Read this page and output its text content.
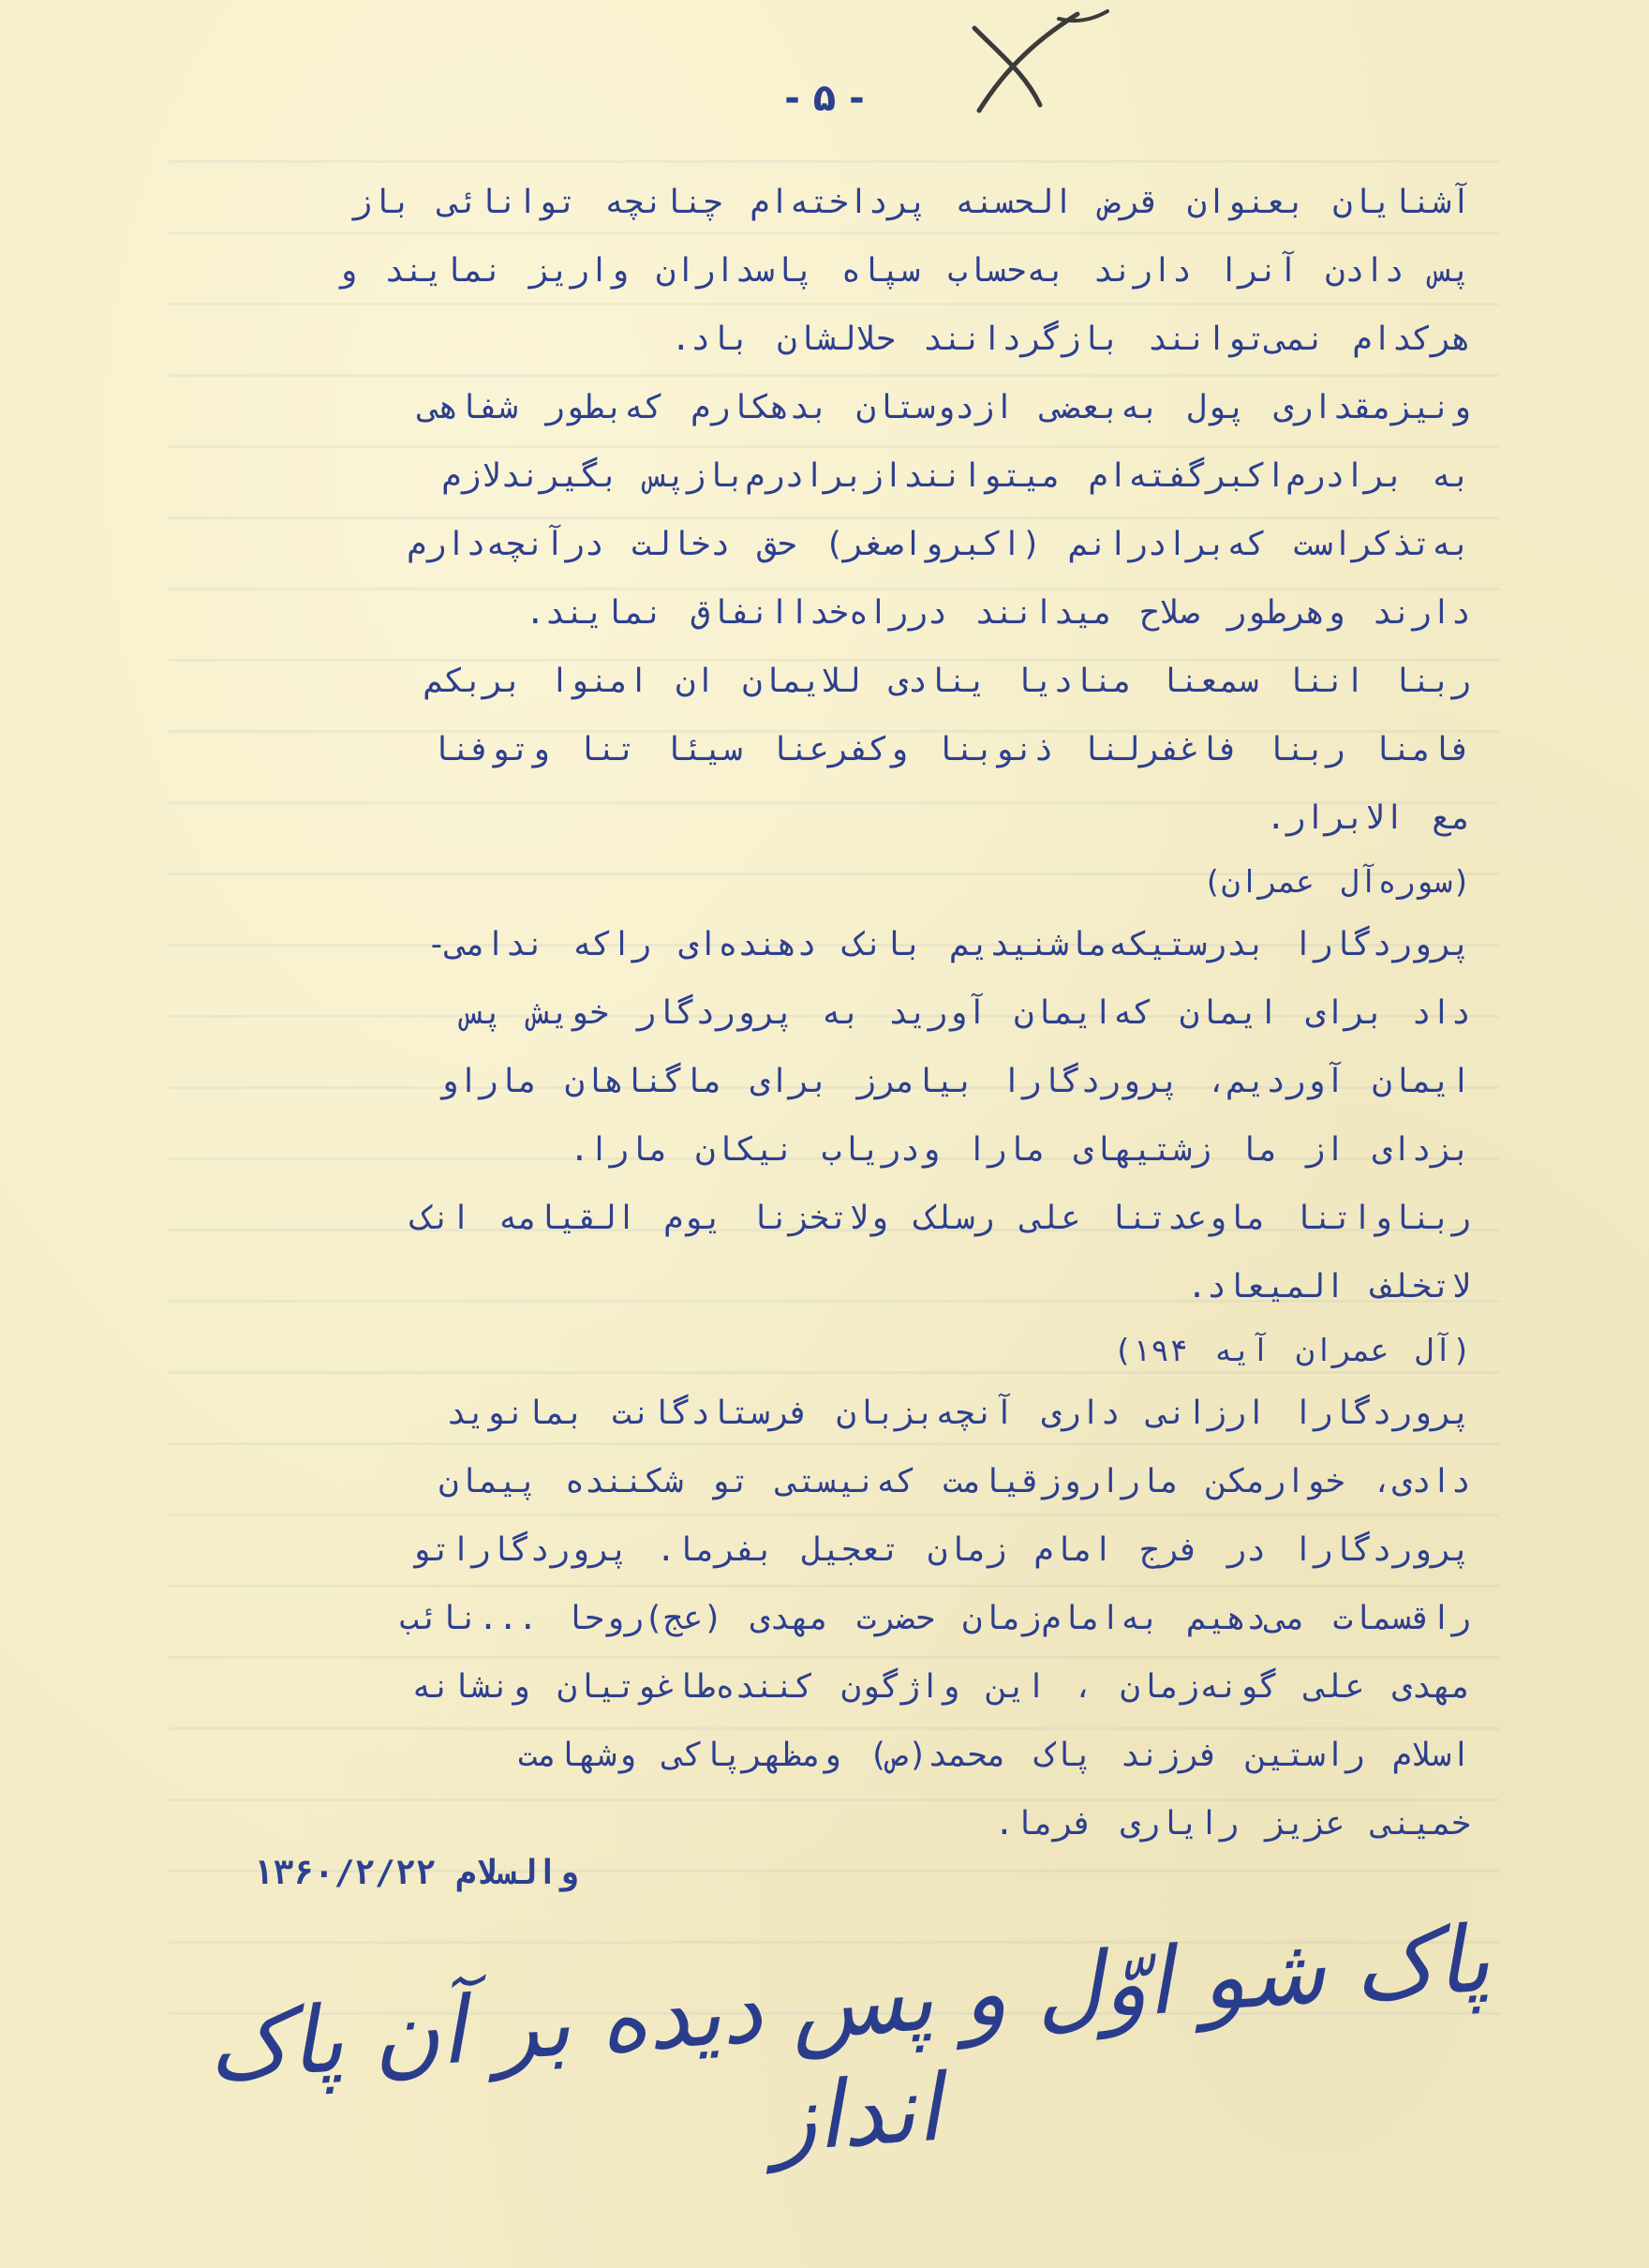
- ۵ -
آشنایان بعنوان قرض الحسنه پرداخته‌ام چنانچه توانائی باز
پس دادن آنرا دارند به‌حساب سپاه پاسداران واریز نمایند و
هرکدام نمی‌توانند بازگردانند حلالشان باد.
ونیزمقداری پول به‌بعضی ازدوستان بدهکارم که‌بطور شفاهی
به برادرم‌اکبرگفته‌ام میتوانندازبرادرم‌بازپس بگیرندلازم
به‌تذکراست که‌برادرانم (اکبرواصغر) حق دخالت درآنچه‌دارم
دارند وهرطور صلاح میدانند درراه‌خداانفاق نمایند.
ربنا اننا سمعنا منادیا ینادی للایمان ان امنوا بربکم
فامنا ربنا فاغفرلنا ذنوبنا وکفرعنا سیئا تنا وتوفنا
مع الابرار.
(سوره‌آل عمران)
پروردگارا بدرستیکه‌ماشنیدیم بانک دهنده‌ای راکه ندامی-
داد برای ایمان که‌ایمان آورید به پروردگار خویش پس
ایمان آوردیم، پروردگارا بیامرز برای ماگناهان ماراو
بزدای از ما زشتیهای مارا ودریاب نیکان مارا.
ربناواتنا ماوعدتنا علی رسلک ولاتخزنا یوم القیامه انک
لاتخلف المیعاد.
(آل عمران آیه ۱۹۴)
پروردگارا ارزانی داری آنچه‌بزبان فرستادگانت بمانوید
دادی، خوارمکن ماراروزقیامت که‌نیستی تو شکننده پیمان
پروردگارا در فرج امام زمان تعجیل بفرما. پروردگاراتو
راقسمات می‌دهیم به‌امام‌زمان حضرت مهدی (عج)روحا ...نائب
مهدی علی گونه‌زمان ، این واژگون کننده‌طاغوتیان ونشانه
اسلام راستین فرزند پاک محمد(ص) ومظهرپاکی وشهامت
خمینی عزیز رایاری فرما.
والسلام ۱۳۶۰/۲/۲۲
پاک شو اوّل و پس دیده بر آن پاک انداز
